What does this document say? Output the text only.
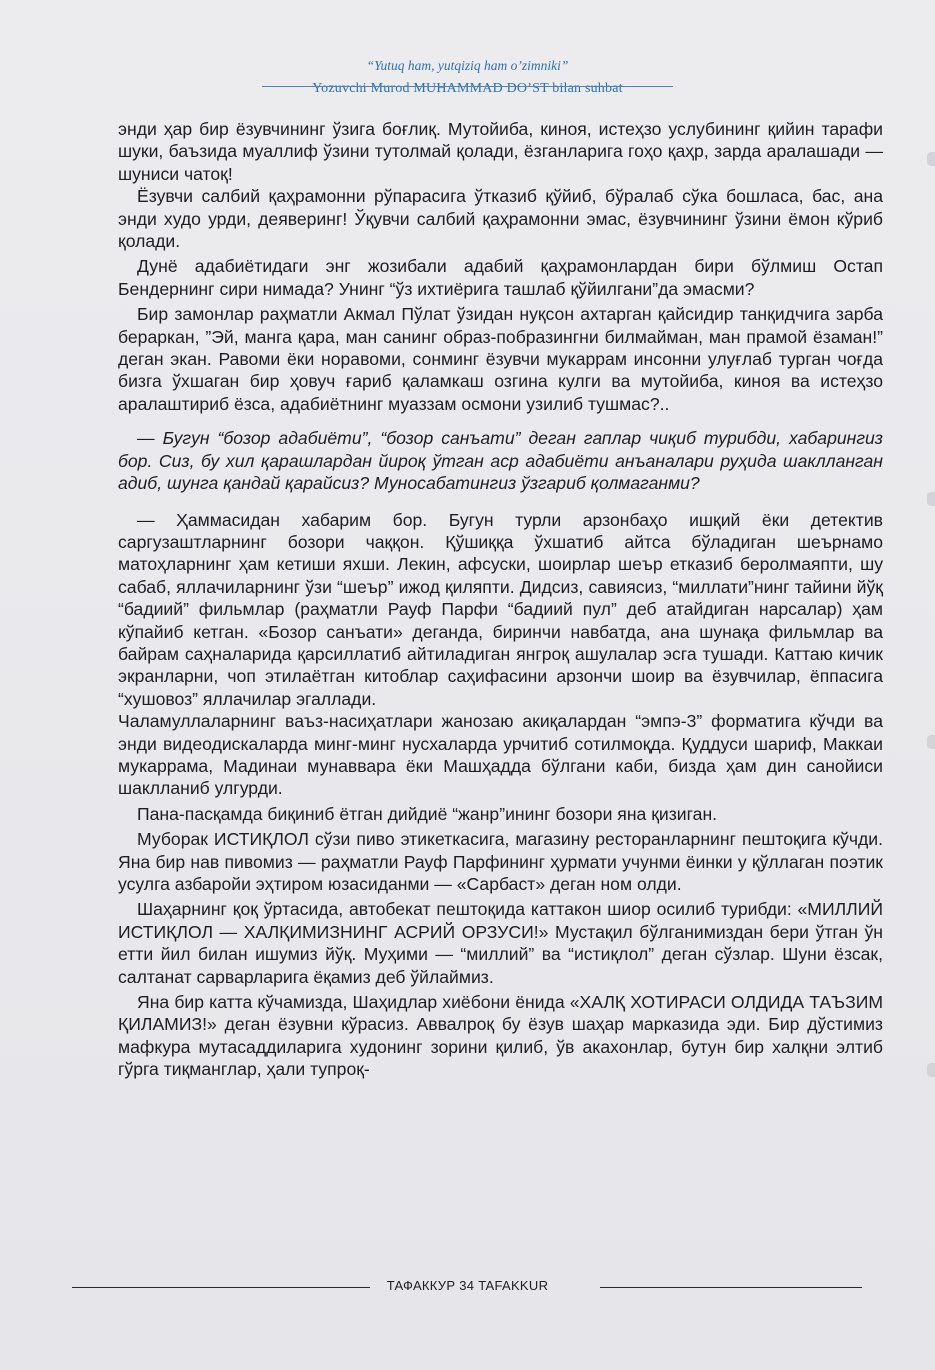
“Yutuq ham, yutqiziq ham o’zimniki”
Yozuvchi Murod MUHAMMAD DO’ST bilan suhbat

энди ҳар бир ёзувчининг ўзига боғлиқ. Мутойиба, киноя, истеҳзо услубининг қийин тарафи шуки, баъзида муаллиф ўзини тутолмай қолади, ёзганларига гоҳо қаҳр, зарда аралашади — шуниси чатоқ!

Ёзувчи салбий қаҳрамонни рўпарасига ўтказиб қўйиб, бўралаб сўка бошласа, бас, ана энди худо урди, деяверинг! Ўқувчи салбий қаҳрамонни эмас, ёзувчининг ўзини ёмон кўриб қолади.

Дунё адабиётидаги энг жозибали адабий қаҳрамонлардан бири бўлмиш Остап Бендернинг сири нимада? Унинг “ўз ихтиёрига ташлаб қўйилгани”да эмасми?

Бир замонлар раҳматли Акмал Пўлат ўзидан нуқсон ахтарган қайсидир танқидчига зарба бераркан, ”Эй, манга қара, ман санинг образ-побразингни билмайман, ман прамой ёзаман!” деган экан. Равоми ёки норавоми, сонминг ёзувчи мукаррам инсонни улуғлаб турган чоғда бизга ўхшаган бир ҳовуч ғариб қаламкаш озгина кулги ва мутойиба, киноя ва истеҳзо аралаштириб ёзса, адабиётнинг муаззам осмони узилиб тушмас?..

— Бугун “бозор адабиёти”, “бозор санъати” деган гаплар чиқиб турибди, хабарингиз бор. Сиз, бу хил қарашлардан йироқ ўтган аср адабиёти анъаналари руҳида шаклланган адиб, шунга қандай қарайсиз? Муносабатингиз ўзгариб қолмаганми?

— Ҳаммасидан хабарим бор. Бугун турли арзонбаҳо ишқий ёки детектив саргузаштларнинг бозори чаққон. Қўшиққа ўхшатиб айтса бўладиган шеърнамо матоҳларнинг ҳам кетиши яхши. Лекин, афсуски, шоирлар шеър етказиб беролмаяпти, шу сабаб, яллачиларнинг ўзи “шеър” ижод қиляпти. Дидсиз, савиясиз, “миллати”нинг тайини йўқ “бадиий” фильмлар (раҳматли Рауф Парфи “бадиий пул” деб атайдиган нарсалар) ҳам кўпайиб кетган. «Бозор санъати» деганда, биринчи навбатда, ана шунақа фильмлар ва байрам саҳналарида қарсиллатиб айтиладиган янгроқ ашулалар эсга тушади. Каттаю кичик экранларни, чоп этилаётган китоблар саҳифасини арзончи шоир ва ёзувчилар, ёппасига “хушовоз” яллачилар эгаллади.

Чаламуллаларнинг ваъз-насиҳатлари жанозаю акиқалардан “эмпэ-3” форматига кўчди ва энди видеодискаларда минг-минг нусхаларда урчитиб сотилмоқда. Қуддуси шариф, Маккаи мукаррама, Мадинаи мунаввара ёки Машҳадда бўлгани каби, бизда ҳам дин санойиси шаклланиб улгурди.

Пана-пасқамда биқиниб ётган дийдиё “жанр”ининг бозори яна қизиган.

Муборак ИСТИҚЛОЛ сўзи пиво этикеткасига, магазину ресторанларнинг пештоқига кўчди. Яна бир нав пивомиз — раҳматли Рауф Парфининг ҳурмати учунми ёинки у қўллаган поэтик усулга азбаройи эҳтиром юзасиданми — «Сарбаст» деган ном олди.

Шаҳарнинг қоқ ўртасида, автобекат пештоқида каттакон шиор осилиб турибди: «МИЛЛИЙ ИСТИҚЛОЛ — ХАЛҚИМИЗНИНГ АСРИЙ ОРЗУСИ!» Мустақил бўлганимиздан бери ўтган ўн етти йил билан ишумиз йўқ. Муҳими — “миллий” ва “истиқлол” деган сўзлар. Шуни ёзсак, салтанат сарварларига ёқамиз деб ўйлаймиз.

Яна бир катта кўчамизда, Шаҳидлар хиёбони ёнида «ХАЛҚ ХОТИРАСИ ОЛДИДА ТАЪЗИМ ҚИЛАМИЗ!» деган ёзувни кўрасиз. Аввалроқ бу ёзув шаҳар марказида эди. Бир дўстимиз мафкура мутасаддиларига худонинг зорини қилиб, ўв акахонлар, бутун бир халқни элтиб гўрга тиқманглар, ҳали тупроқ-

ТАФАККУР 34 TAFAKKUR
